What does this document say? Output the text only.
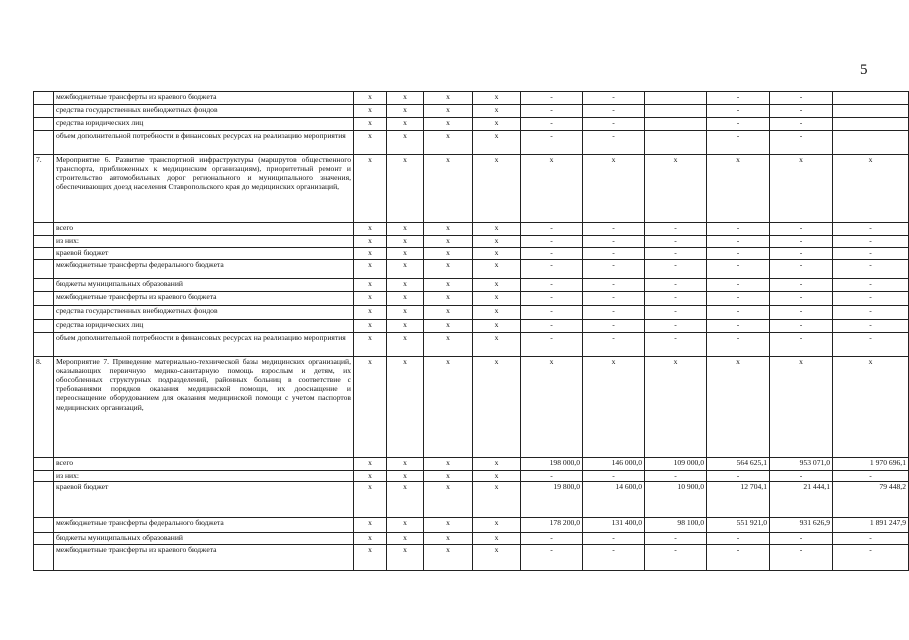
5
	межбюджетные трансферты из краевого бюджета	x	x	x	x	-	-		-	-	
	средства государственных внебюджетных фондов	x	x	x	x	-	-		-	-	
	средства юридических лиц	x	x	x	x	-	-		-	-	
	объем дополнительной потребности в финансовых ресурсах на реализацию мероприятия	x	x	x	x	-	-		-	-	
7.	Мероприятие 6. Развитие транспортной инфраструктуры (маршрутов общественного транспорта, приближенных к медицинским организациям), приоритетный ремонт и строительство автомобильных дорог регионального и муниципального значения, обеспечивающих доезд населения Ставропольского края до медицинских организаций,	x	x	x	x	x	x	x	x	x	x
	всего	x	x	x	x	-	-	-	-	-	-
	из них:	x	x	x	x	-	-	-	-	-	-
	краевой бюджет	x	x	x	x	-	-	-	-	-	-
	межбюджетные трансферты федерального бюджета	x	x	x	x	-	-	-	-	-	-
	бюджеты муниципальных образований	x	x	x	x	-	-	-	-	-	-
	межбюджетные трансферты из краевого бюджета	x	x	x	x	-	-	-	-	-	-
	средства государственных внебюджетных фондов	x	x	x	x	-	-	-	-	-	-
	средства юридических лиц	x	x	x	x	-	-	-	-	-	-
	объем дополнительной потребности в финансовых ресурсах на реализацию мероприятия	x	x	x	x	-	-	-	-	-	-
8.	Мероприятие 7. Приведение материально-технической базы медицинских организаций, оказывающих первичную медико-санитарную помощь взрослым и детям, их обособленных структурных подразделений, районных больниц в соответствие с требованиями порядков оказания медицинской помощи, их дооснащение и переоснащение оборудованием для оказания медицинской помощи с учетом паспортов медицинских организаций,	x	x	x	x	x	x	x	x	x	x
	всего	x	x	x	x	198 000,0	146 000,0	109 000,0	564 625,1	953 071,0	1 970 696,1
	из них:	x	x	x	x	-	-	-	-	-	-
	краевой бюджет	x	x	x	x	19 800,0	14 600,0	10 900,0	12 704,1	21 444,1	79 448,2
	межбюджетные трансферты федерального бюджета	x	x	x	x	178 200,0	131 400,0	98 100,0	551 921,0	931 626,9	1 891 247,9
	бюджеты муниципальных образований	x	x	x	x	-	-	-	-	-	-
	межбюджетные трансферты из краевого бюджета	x	x	x	x	-	-	-	-	-	-
